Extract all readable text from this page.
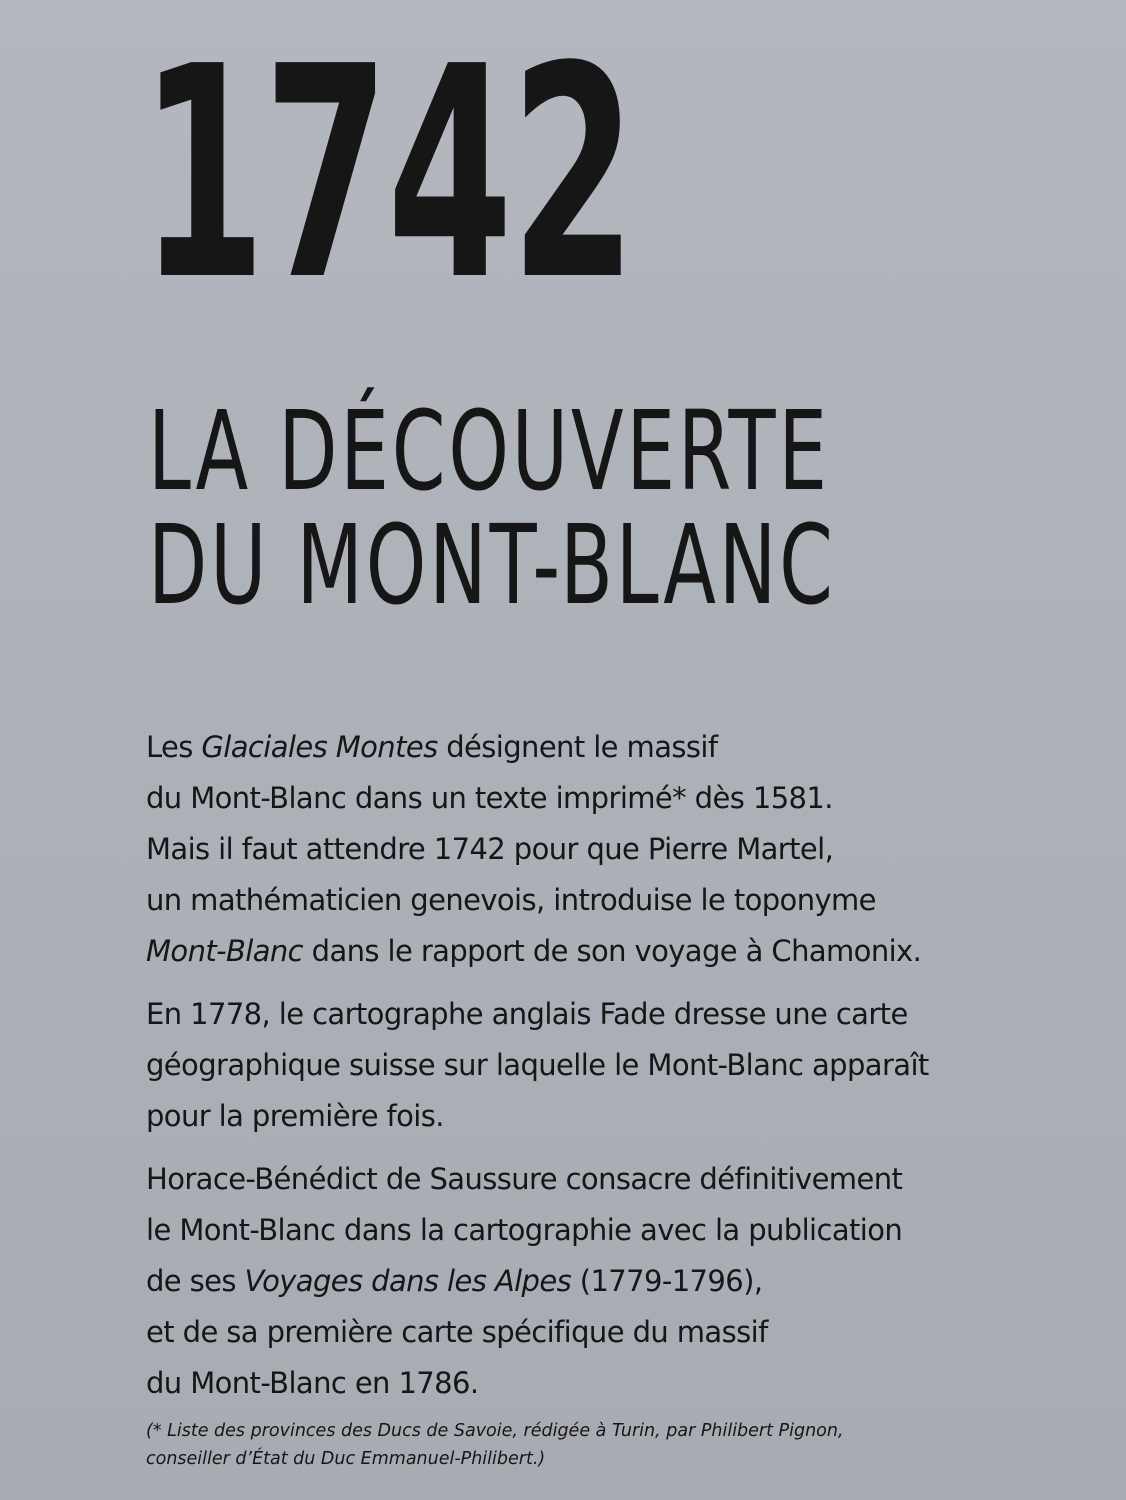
1742
LA DÉCOUVERTE
DU MONT-BLANC

Les Glaciales Montes désignent le massif
du Mont-Blanc dans un texte imprimé* dès 1581.
Mais il faut attendre 1742 pour que Pierre Martel,
un mathématicien genevois, introduise le toponyme
Mont-Blanc dans le rapport de son voyage à Chamonix.

En 1778, le cartographe anglais Fade dresse une carte
géographique suisse sur laquelle le Mont-Blanc apparaît
pour la première fois.

Horace-Bénédict de Saussure consacre définitivement
le Mont-Blanc dans la cartographie avec la publication
de ses Voyages dans les Alpes (1779-1796),
et de sa première carte spécifique du massif
du Mont-Blanc en 1786.

(* Liste des provinces des Ducs de Savoie, rédigée à Turin, par Philibert Pignon,
conseiller d’État du Duc Emmanuel-Philibert.)
